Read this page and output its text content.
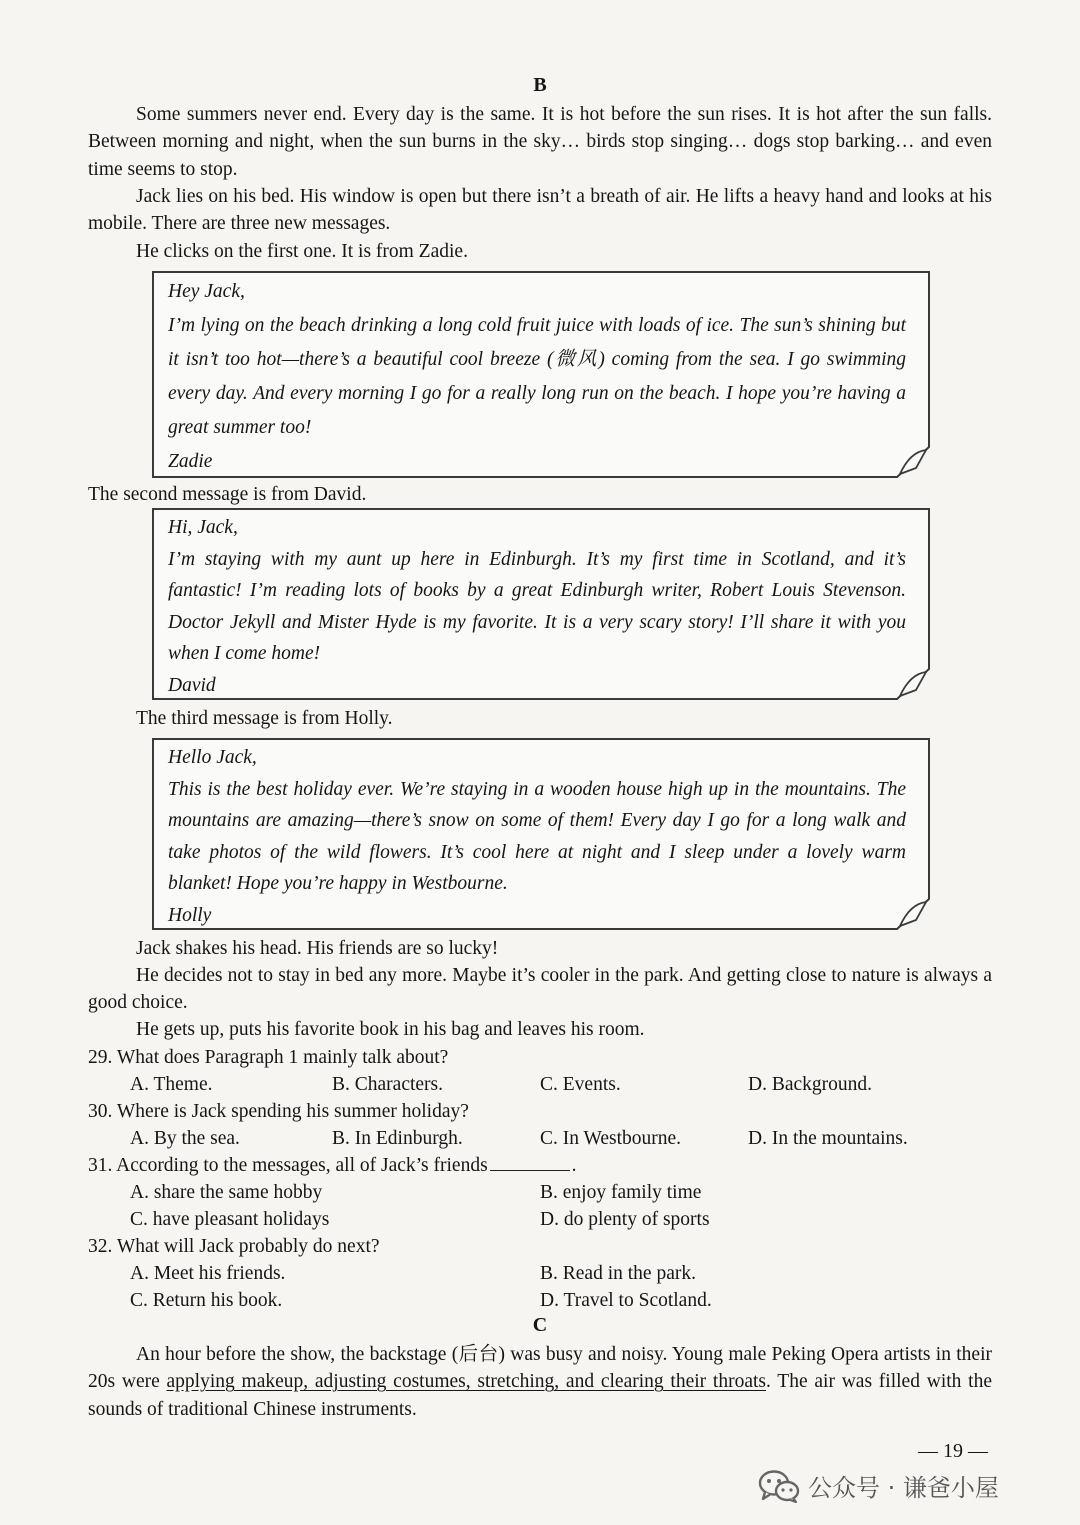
B
Some summers never end. Every day is the same. It is hot before the sun rises. It is hot after the sun falls. Between morning and night, when the sun burns in the sky… birds stop singing… dogs stop barking… and even time seems to stop.
Jack lies on his bed. His window is open but there isn’t a breath of air. He lifts a heavy hand and looks at his mobile. There are three new messages.
He clicks on the first one. It is from Zadie.

Hey Jack,

I’m lying on the beach drinking a long cold fruit juice with loads of ice. The sun’s shining but it isn’t too hot—there’s a beautiful cool breeze (微风) coming from the sea. I go swimming every day. And every morning I go for a really long run on the beach. I hope you’re having a great summer too!

Zadie

The second message is from David.

Hi, Jack,

I’m staying with my aunt up here in Edinburgh. It’s my first time in Scotland, and it’s fantastic! I’m reading lots of books by a great Edinburgh writer, Robert Louis Stevenson. Doctor Jekyll and Mister Hyde is my favorite. It is a very scary story! I’ll share it with you when I come home!

David

The third message is from Holly.

Hello Jack,

This is the best holiday ever. We’re staying in a wooden house high up in the mountains. The mountains are amazing—there’s snow on some of them! Every day I go for a long walk and take photos of the wild flowers. It’s cool here at night and I sleep under a lovely warm blanket! Hope you’re happy in Westbourne.

Holly

Jack shakes his head. His friends are so lucky!
He decides not to stay in bed any more. Maybe it’s cooler in the park. And getting close to nature is always a good choice.
He gets up, puts his favorite book in his bag and leaves his room.
29. What does Paragraph 1 mainly talk about?
A. Theme.	B. Characters.	C. Events.	D. Background.
30. Where is Jack spending his summer holiday?
A. By the sea.	B. In Edinburgh.	C. In Westbourne.	D. In the mountains.
31. According to the messages, all of Jack’s friends	.
A. share the same hobby	B. enjoy family time
C. have pleasant holidays	D. do plenty of sports
32. What will Jack probably do next?
A. Meet his friends.	B. Read in the park.
C. Return his book.	D. Travel to Scotland.
C
An hour before the show, the backstage (后台) was busy and noisy. Young male Peking Opera artists in their 20s were applying makeup, adjusting costumes, stretching, and clearing their throats. The air was filled with the sounds of traditional Chinese instruments.
— 19 —
公众号 · 谦爸小屋
